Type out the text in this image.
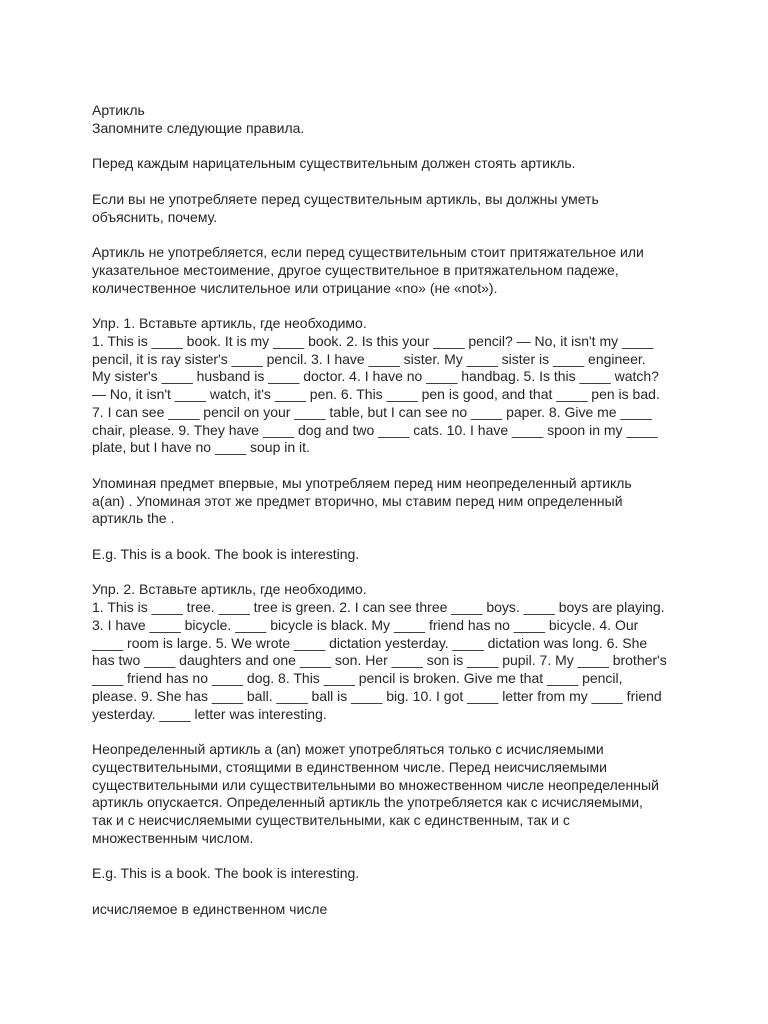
Артикль
Запомните следующие правила.
Перед каждым нарицательным существительным должен стоять артикль.
Если вы не употребляете перед существительным артикль, вы должны уметь
объяснить, почему.
Артикль не употребляется, если перед существительным стоит притяжательное или
указательное местоимение, другое существительное в притяжательном падеже,
количественное числительное или отрицание «no» (не «not»).
Упр. 1. Вставьте артикль, где необходимо.
1. This is ____ book. It is my ____ book. 2. Is this your ____ pencil? — No, it isn't my ____
pencil, it is ray sister's ____ pencil. 3. I have ____ sister. My ____ sister is ____ engineer.
My sister's ____ husband is ____ doctor. 4. I have no ____ handbag. 5. Is this ____ watch?
— No, it isn't ____ watch, it's ____ pen. 6. This ____ pen is good, and that ____ pen is bad.
7. I can see ____ pencil on your ____ table, but I can see no ____ paper. 8. Give me ____
chair, please. 9. They have ____ dog and two ____ cats. 10. I have ____ spoon in my ____
plate, but I have no ____ soup in it.
Упоминая предмет впервые, мы употребляем перед ним неопределенный артикль
a(an) . Упоминая этот же предмет вторично, мы ставим перед ним определенный
артикль the .
E.g. This is a book. The book is interesting.
Упр. 2. Вставьте артикль, где необходимо.
1. This is ____ tree. ____ tree is green. 2. I can see three ____ boys. ____ boys are playing.
3. I have ____ bicycle. ____ bicycle is black. My ____ friend has no ____ bicycle. 4. Our
____ room is large. 5. We wrote ____ dictation yesterday. ____ dictation was long. 6. She
has two ____ daughters and one ____ son. Her ____ son is ____ pupil. 7. My ____ brother's
____ friend has no ____ dog. 8. This ____ pencil is broken. Give me that ____ pencil,
please. 9. She has ____ ball. ____ ball is ____ big. 10. I got ____ letter from my ____ friend
yesterday. ____ letter was interesting.
Неопределенный артикль a (an) может употребляться только с исчисляемыми
существительными, стоящими в единственном числе. Перед неисчисляемыми
существительными или существительными во множественном числе неопределенный
артикль опускается. Определенный артикль the употребляется как с исчисляемыми,
так и с неисчисляемыми существительными, как с единственным, так и с
множественным числом.
E.g. This is a book. The book is interesting.
исчисляемое в единственном числе
